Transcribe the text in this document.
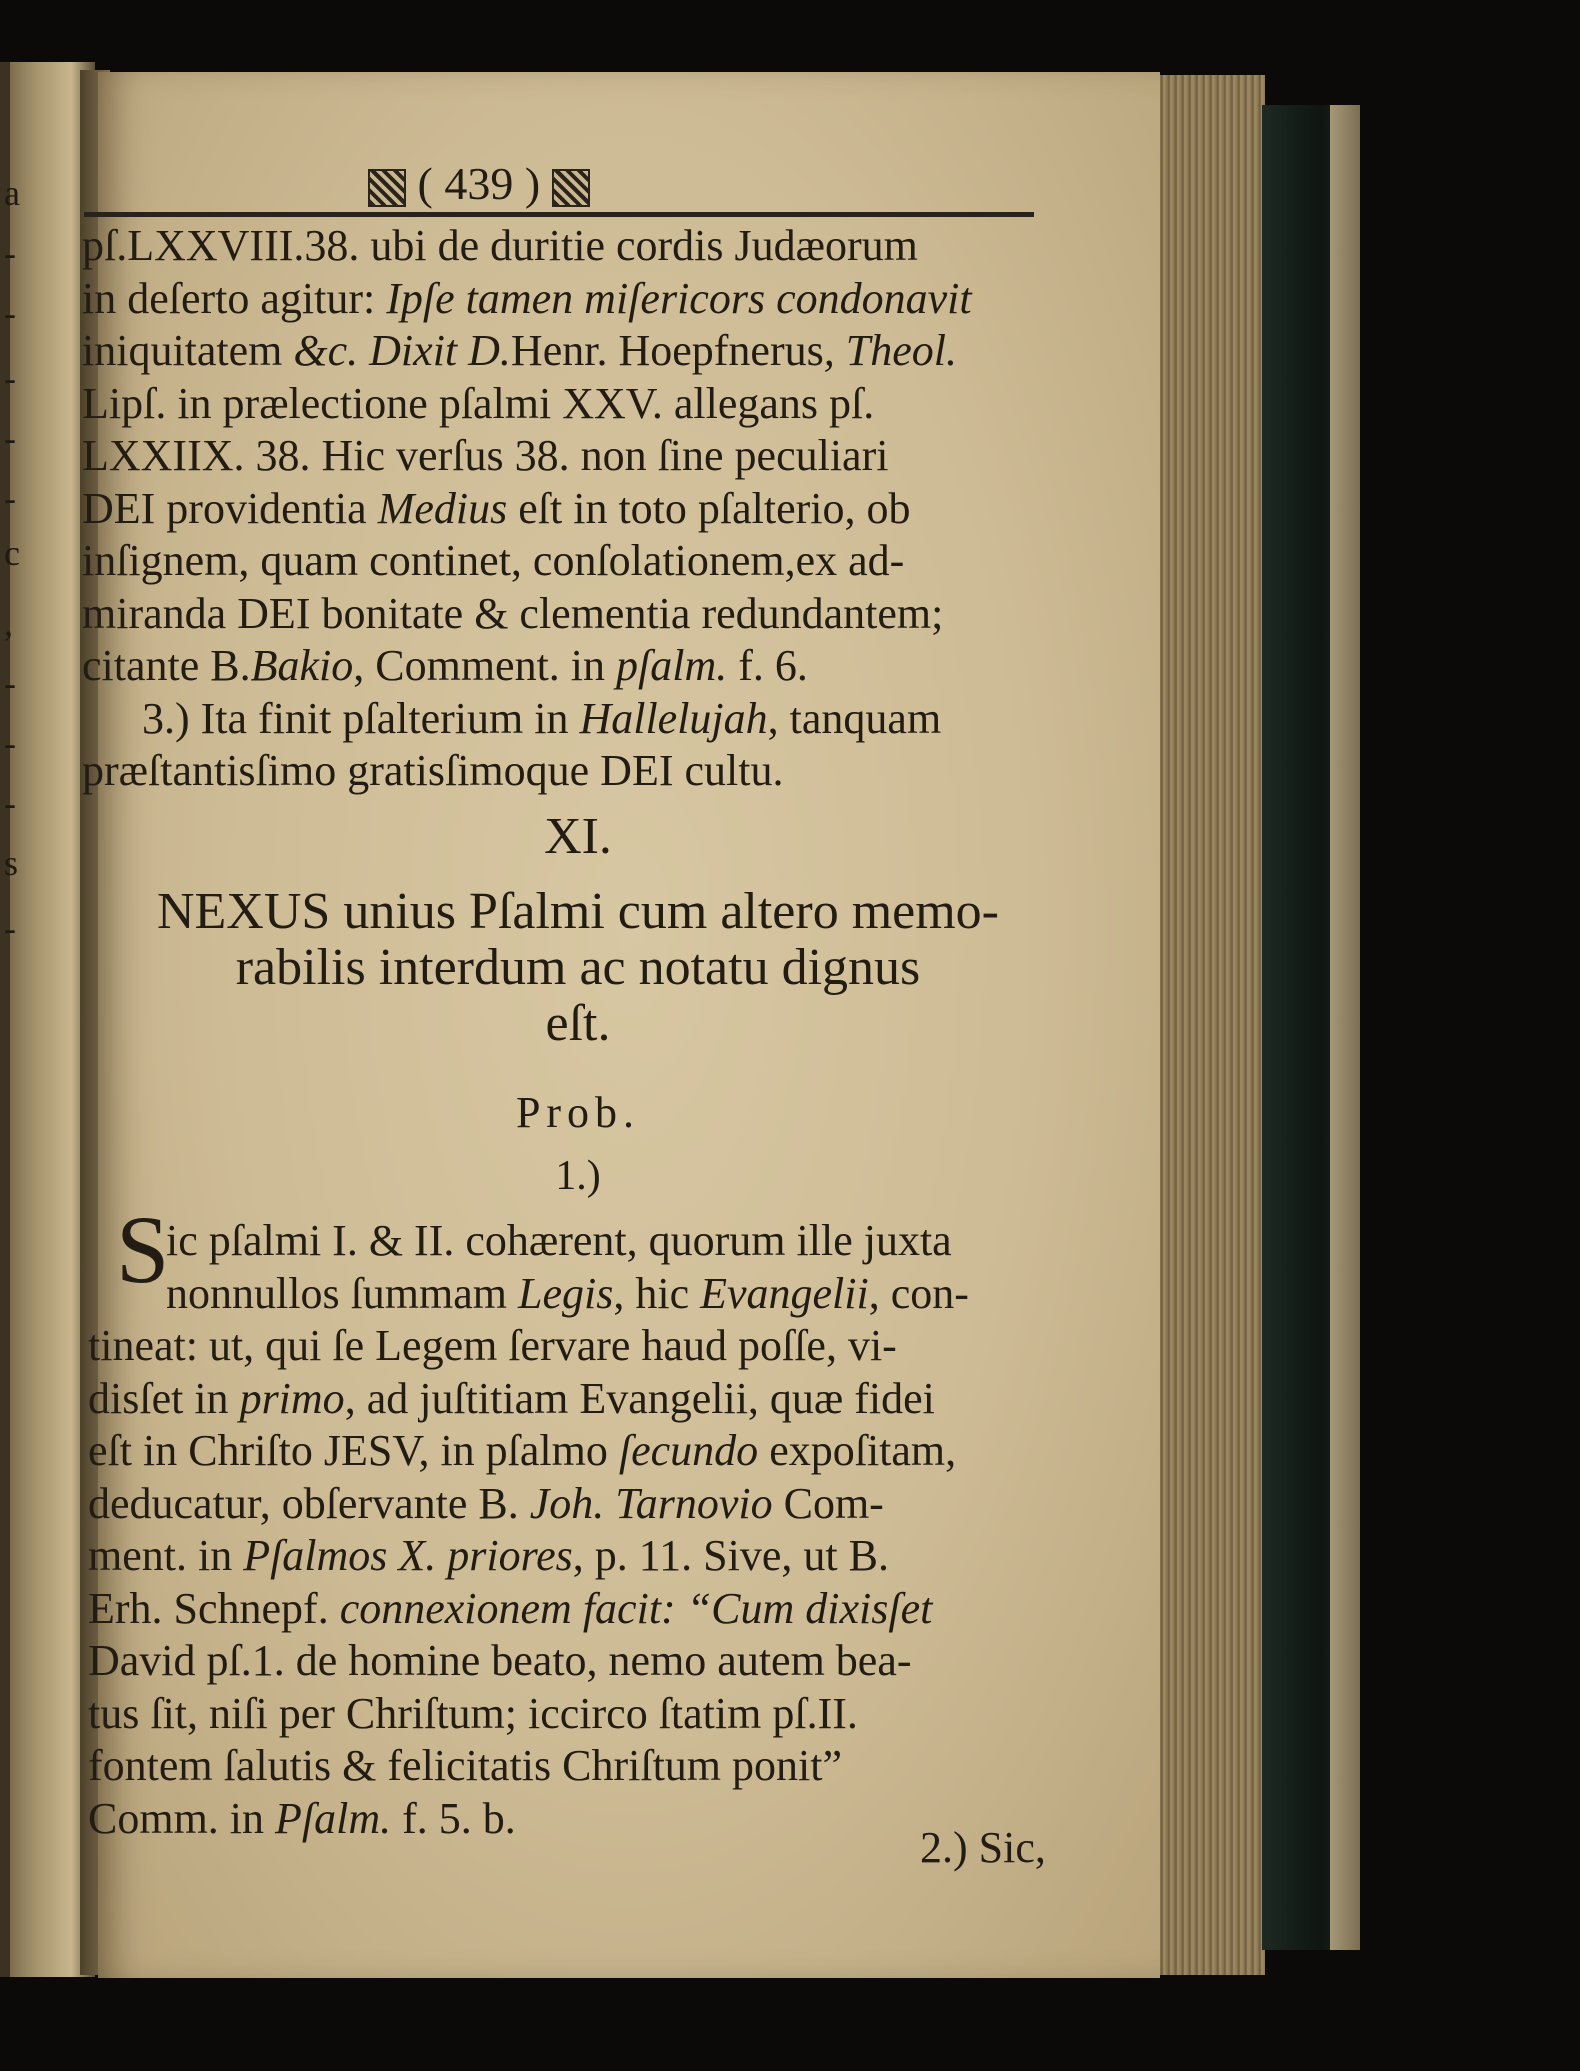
a
-
-
-
-
-
c
,
-
-
-
s
-
( 439 )
pſ.LXXVIII.38. ubi de duritie cordis Judæorum
in deſerto agitur: Ipſe tamen miſericors condonavit
iniquitatem &c. Dixit D.Henr. Hoepfnerus, Theol.
Lipſ. in prælectione pſalmi XXV. allegans pſ.
LXXIIX. 38. Hic verſus 38. non ſine peculiari
DEI providentia Medius eſt in toto pſalterio, ob
inſignem, quam continet, conſolationem,ex ad-
miranda DEI bonitate & clementia redundantem;
citante B.Bakio, Comment. in pſalm. f. 6.
3.) Ita finit pſalterium in Hallelujah, tanquam
præſtantisſimo gratisſimoque DEI cultu.
XI.
NEXUS unius Pſalmi cum altero memo-
rabilis interdum ac notatu dignus
eſt.
Prob.
1.)
S
ic pſalmi I. & II. cohærent, quorum ille juxta
nonnullos ſummam Legis, hic Evangelii, con-
tineat: ut, qui ſe Legem ſervare haud poſſe, vi-
disſet in primo, ad juſtitiam Evangelii, quæ fidei
eſt in Chriſto JESV, in pſalmo ſecundo expoſitam,
deducatur, obſervante B. Joh. Tarnovio Com-
ment. in Pſalmos X. priores, p. 11. Sive, ut B.
Erh. Schnepf. connexionem facit: “Cum dixisſet
David pſ.1. de homine beato, nemo autem bea-
tus ſit, niſi per Chriſtum; iccirco ſtatim pſ.II.
fontem ſalutis & felicitatis Chriſtum ponit”
Comm. in Pſalm. f. 5. b.
2.) Sic,
